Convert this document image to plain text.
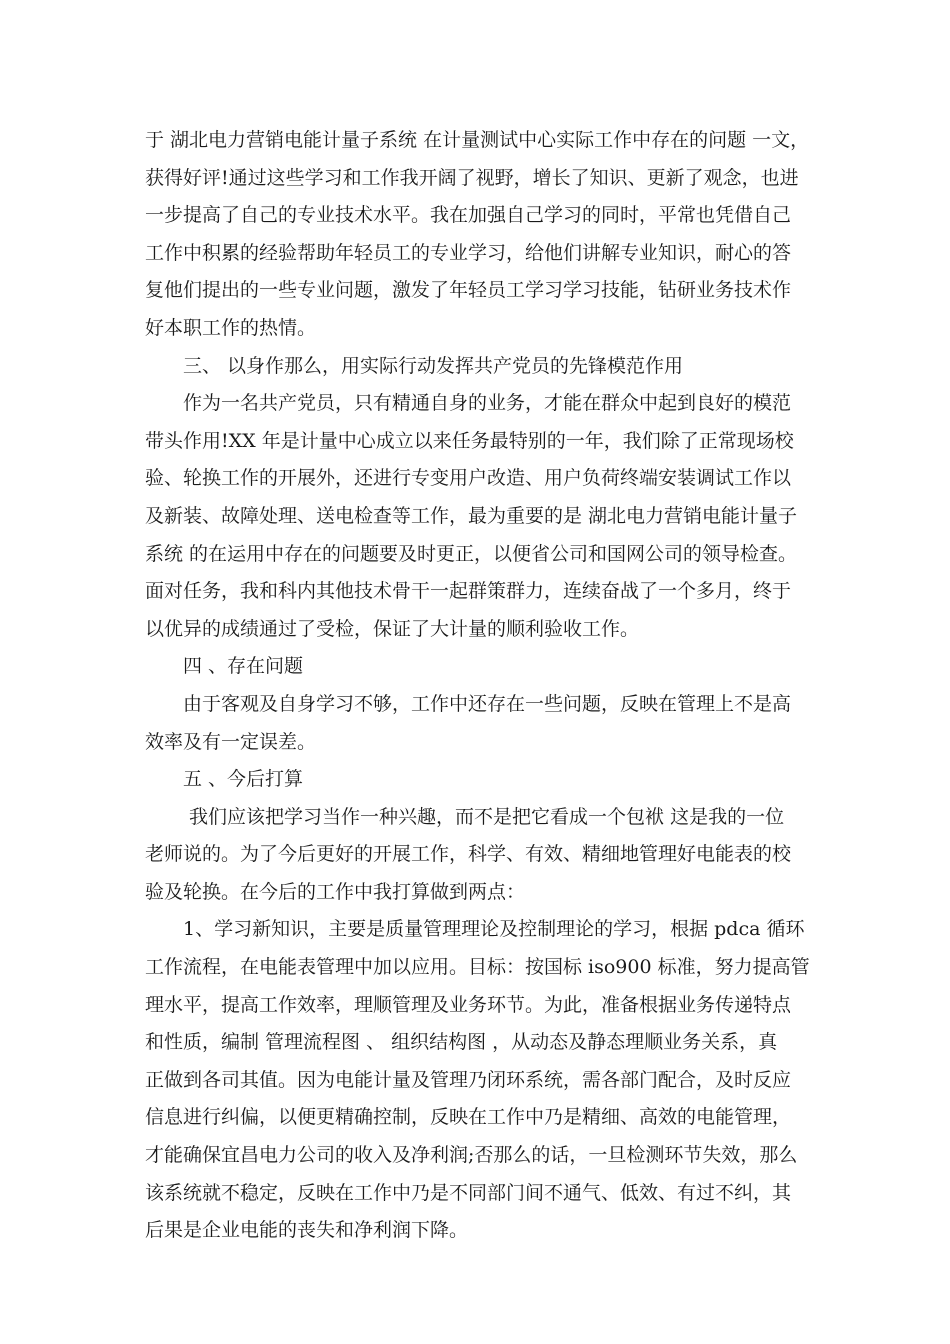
于 湖北电力营销电能计量子系统 在计量测试中心实际工作中存在的问题 一文，
获得好评!通过这些学习和工作我开阔了视野，增长了知识、更新了观念，也进
一步提高了自己的专业技术水平。我在加强自己学习的同时，平常也凭借自己
工作中积累的经验帮助年轻员工的专业学习，给他们讲解专业知识，耐心的答
复他们提出的一些专业问题，激发了年轻员工学习学习技能，钻研业务技术作
好本职工作的热情。
三、 以身作那么，用实际行动发挥共产党员的先锋模范作用
作为一名共产党员，只有精通自身的业务，才能在群众中起到良好的模范
带头作用!XX 年是计量中心成立以来任务最特别的一年，我们除了正常现场校
验、轮换工作的开展外，还进行专变用户改造、用户负荷终端安装调试工作以
及新装、故障处理、送电检查等工作，最为重要的是 湖北电力营销电能计量子
系统 的在运用中存在的问题要及时更正，以便省公司和国网公司的领导检查。
面对任务，我和科内其他技术骨干一起群策群力，连续奋战了一个多月，终于
以优异的成绩通过了受检，保证了大计量的顺利验收工作。
四 、存在问题
由于客观及自身学习不够，工作中还存在一些问题，反映在管理上不是高
效率及有一定误差。
五 、今后打算
我们应该把学习当作一种兴趣，而不是把它看成一个包袱 这是我的一位
老师说的。为了今后更好的开展工作，科学、有效、精细地管理好电能表的校
验及轮换。在今后的工作中我打算做到两点：
1、学习新知识，主要是质量管理理论及控制理论的学习，根据 pdca 循环
工作流程，在电能表管理中加以应用。目标：按国标 iso900 标准，努力提高管
理水平，提高工作效率，理顺管理及业务环节。为此，准备根据业务传递特点
和性质，编制 管理流程图 、 组织结构图 ，从动态及静态理顺业务关系，真
正做到各司其值。因为电能计量及管理乃闭环系统，需各部门配合，及时反应
信息进行纠偏，以便更精确控制，反映在工作中乃是精细、高效的电能管理，
才能确保宜昌电力公司的收入及净利润;否那么的话，一旦检测环节失效，那么
该系统就不稳定，反映在工作中乃是不同部门间不通气、低效、有过不纠，其
后果是企业电能的丧失和净利润下降。
